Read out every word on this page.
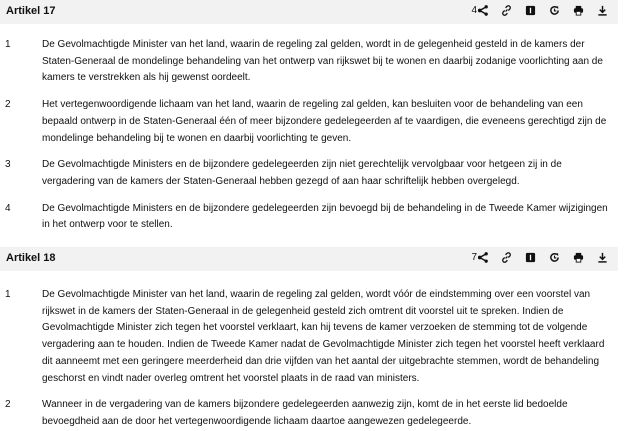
Artikel 17	4
1	De Gevolmachtigde Minister van het land, waarin de regeling zal gelden, wordt in de gelegenheid gesteld in de kamers der
Staten-Generaal de mondelinge behandeling van het ontwerp van rijkswet bij te wonen en daarbij zodanige voorlichting aan de
kamers te verstrekken als hij gewenst oordeelt.
2	Het vertegenwoordigende lichaam van het land, waarin de regeling zal gelden, kan besluiten voor de behandeling van een
bepaald ontwerp in de Staten-Generaal één of meer bijzondere gedelegeerden af te vaardigen, die eveneens gerechtigd zijn de
mondelinge behandeling bij te wonen en daarbij voorlichting te geven.
3	De Gevolmachtigde Ministers en de bijzondere gedelegeerden zijn niet gerechtelijk vervolgbaar voor hetgeen zij in de
vergadering van de kamers der Staten-Generaal hebben gezegd of aan haar schriftelijk hebben overgelegd.
4	De Gevolmachtigde Ministers en de bijzondere gedelegeerden zijn bevoegd bij de behandeling in de Tweede Kamer wijzigingen
in het ontwerp voor te stellen.
Artikel 18	7
1	De Gevolmachtigde Minister van het land, waarin de regeling zal gelden, wordt vóór de eindstemming over een voorstel van
rijkswet in de kamers der Staten-Generaal in de gelegenheid gesteld zich omtrent dit voorstel uit te spreken. Indien de
Gevolmachtigde Minister zich tegen het voorstel verklaart, kan hij tevens de kamer verzoeken de stemming tot de volgende
vergadering aan te houden. Indien de Tweede Kamer nadat de Gevolmachtigde Minister zich tegen het voorstel heeft verklaard
dit aanneemt met een geringere meerderheid dan drie vijfden van het aantal der uitgebrachte stemmen, wordt de behandeling
geschorst en vindt nader overleg omtrent het voorstel plaats in de raad van ministers.
2	Wanneer in de vergadering van de kamers bijzondere gedelegeerden aanwezig zijn, komt de in het eerste lid bedoelde
bevoegdheid aan de door het vertegenwoordigende lichaam daartoe aangewezen gedelegeerde.
